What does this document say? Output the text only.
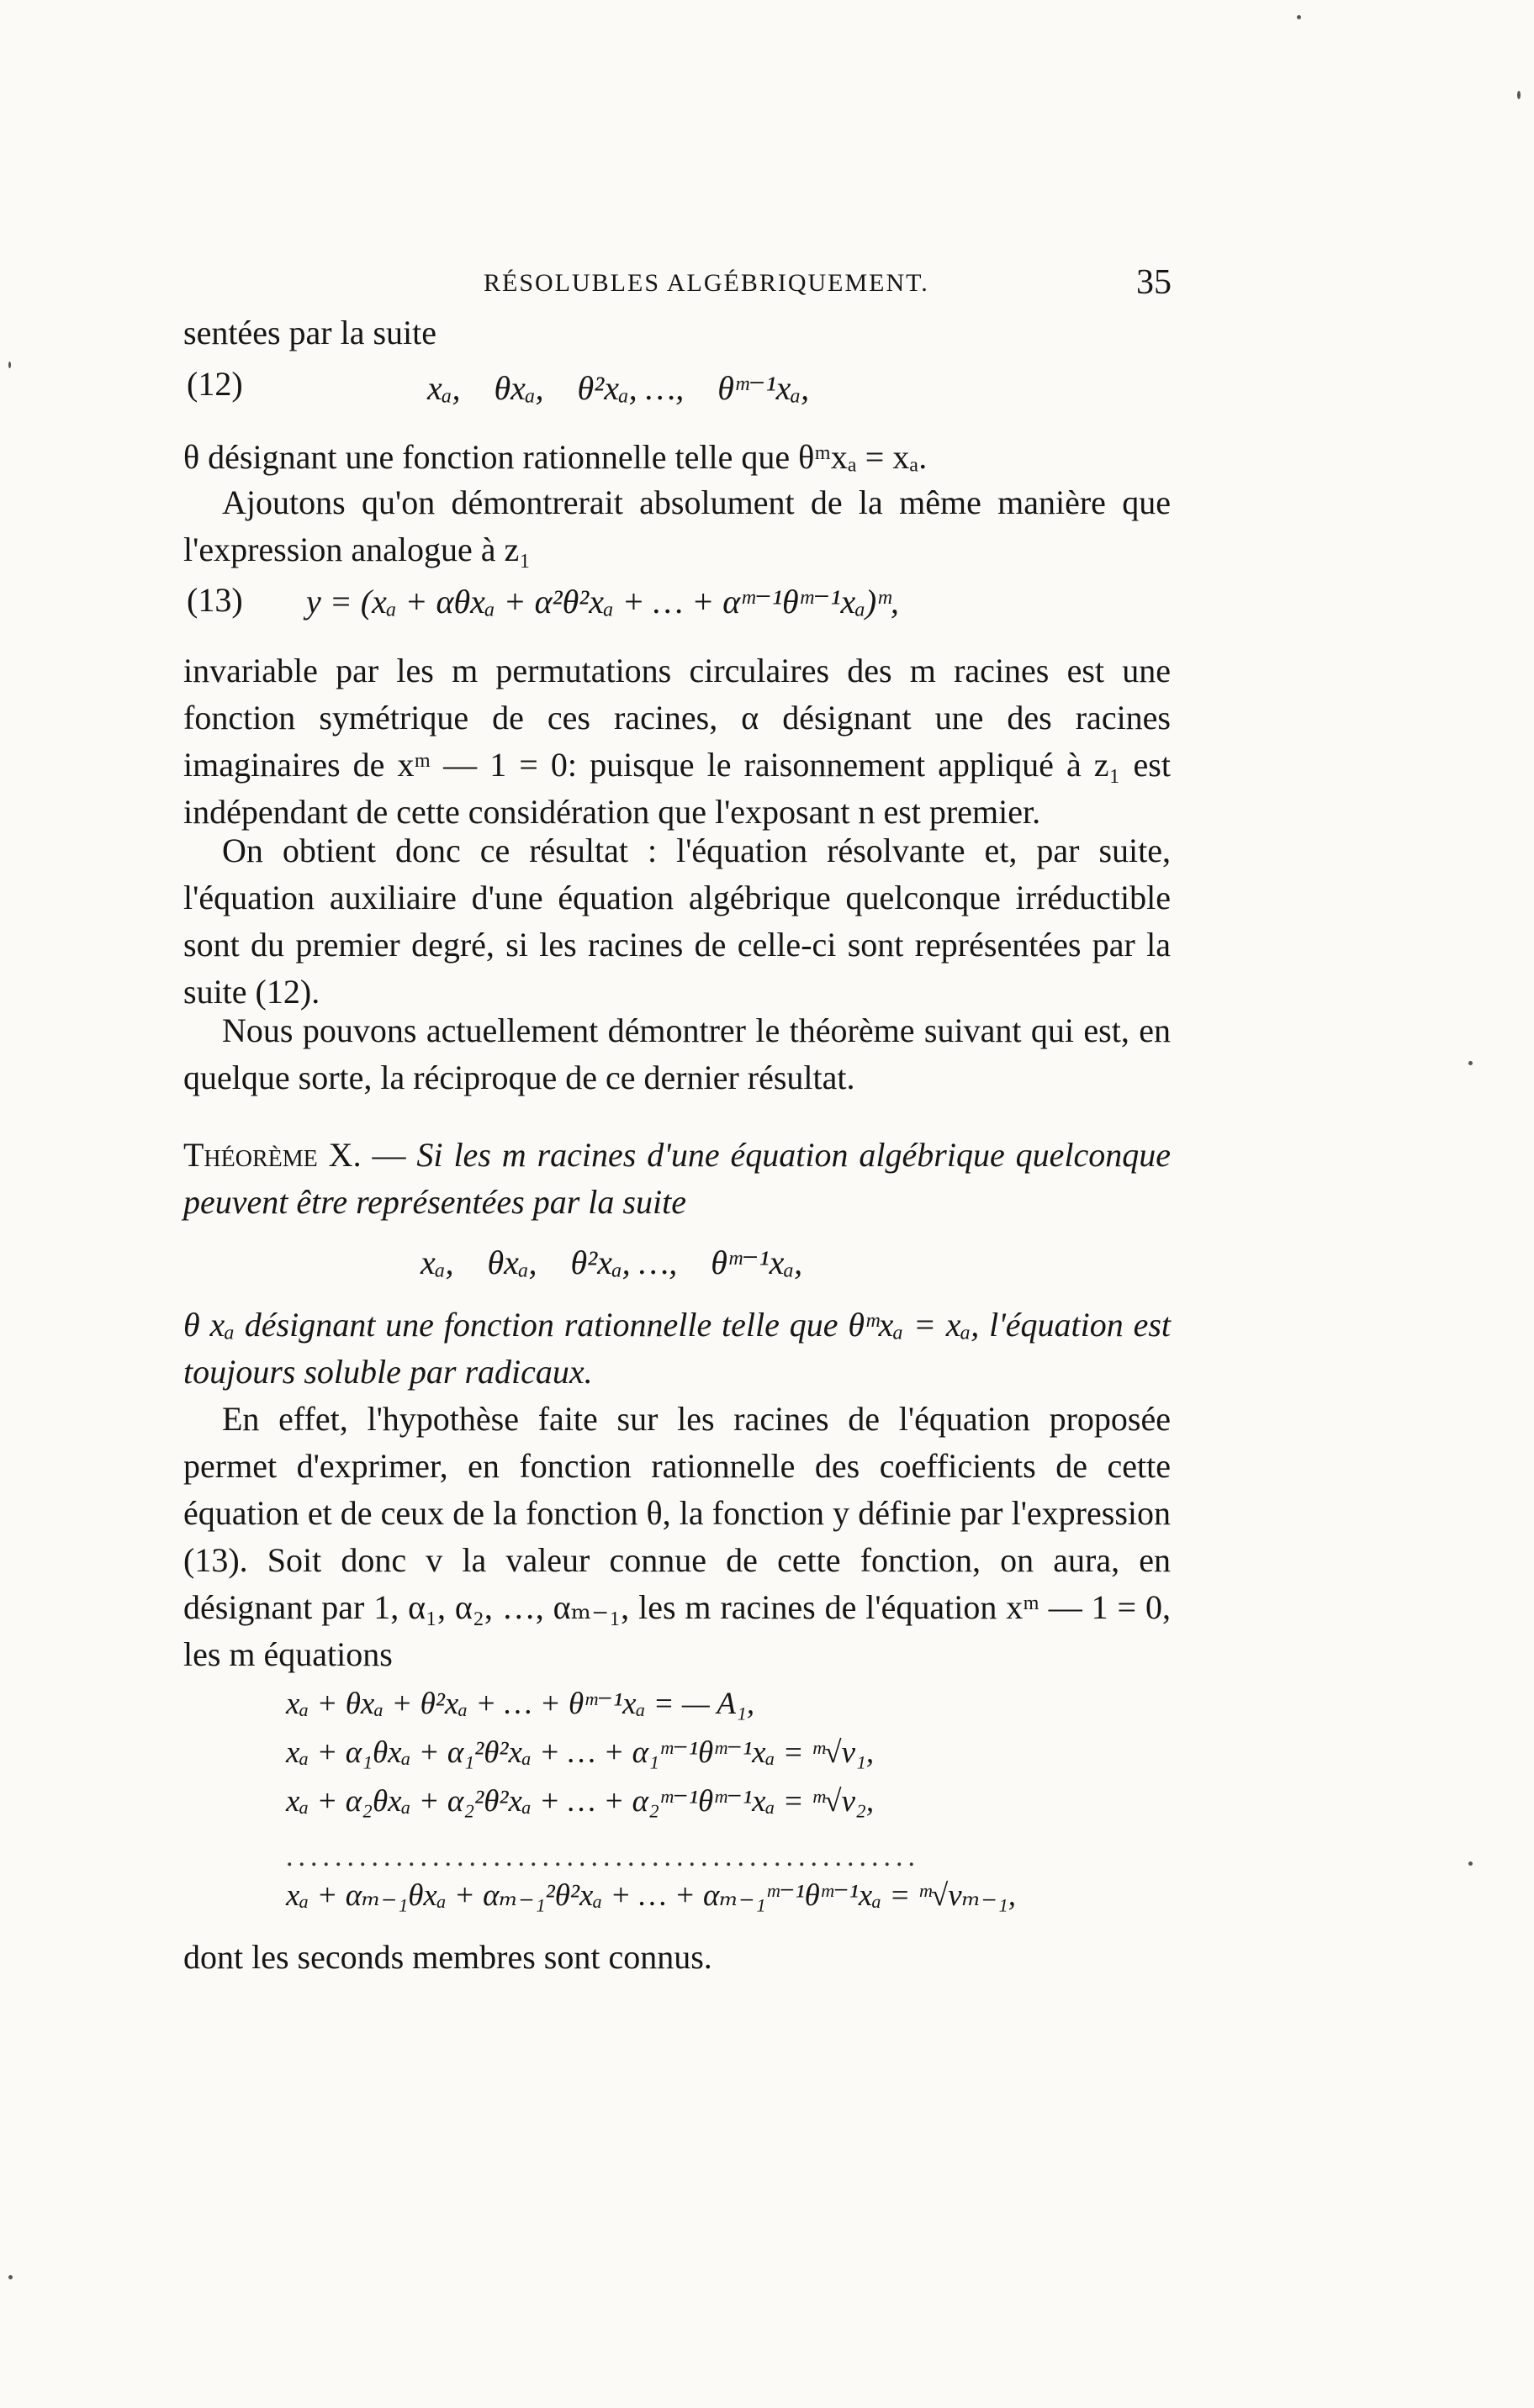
RÉSOLUBLES ALGÉBRIQUEMENT.	35
sentées par la suite
(12)	xₐ,    θxₐ,    θ²xₐ, …,    θᵐ⁻¹xₐ,
θ désignant une fonction rationnelle telle que θᵐxₐ = xₐ.
Ajoutons qu'on démontrerait absolument de la même manière que l'expression analogue à z₁
(13) y = (xₐ + αθxₐ + α²θ²xₐ + … + αᵐ⁻¹θᵐ⁻¹xₐ)ᵐ,
invariable par les m permutations circulaires des m racines est une fonction symétrique de ces racines, α désignant une des racines imaginaires de xᵐ — 1 = 0: puisque le raisonnement appliqué à z₁ est indépendant de cette considération que l'exposant n est premier.
On obtient donc ce résultat : l'équation résolvante et, par suite, l'équation auxiliaire d'une équation algébrique quelconque irréductible sont du premier degré, si les racines de celle-ci sont représentées par la suite (12).
Nous pouvons actuellement démontrer le théorème suivant qui est, en quelque sorte, la réciproque de ce dernier résultat.
Théorème X. — Si les m racines d'une équation algébrique quelconque peuvent être représentées par la suite
xₐ,    θxₐ,    θ²xₐ, …,    θᵐ⁻¹xₐ,
θ xₐ désignant une fonction rationnelle telle que θᵐxₐ = xₐ, l'équation est toujours soluble par radicaux.
En effet, l'hypothèse faite sur les racines de l'équation proposée permet d'exprimer, en fonction rationnelle des coefficients de cette équation et de ceux de la fonction θ, la fonction y définie par l'expression (13). Soit donc v la valeur connue de cette fonction, on aura, en désignant par 1, α₁, α₂, …, αₘ₋₁, les m racines de l'équation xᵐ — 1 = 0, les m équations
xₐ + θxₐ + θ²xₐ + … + θᵐ⁻¹xₐ = — A₁,
xₐ + α₁θxₐ + α₁²θ²xₐ + … + α₁ᵐ⁻¹θᵐ⁻¹xₐ = ᵐ√v₁,
xₐ + α₂θxₐ + α₂²θ²xₐ + … + α₂ᵐ⁻¹θᵐ⁻¹xₐ = ᵐ√v₂,
xₐ + αₘ₋₁θxₐ + αₘ₋₁²θ²xₐ + … + αₘ₋₁ᵐ⁻¹θᵐ⁻¹xₐ = ᵐ√vₘ₋₁,
....................................................
dont les seconds membres sont connus.
